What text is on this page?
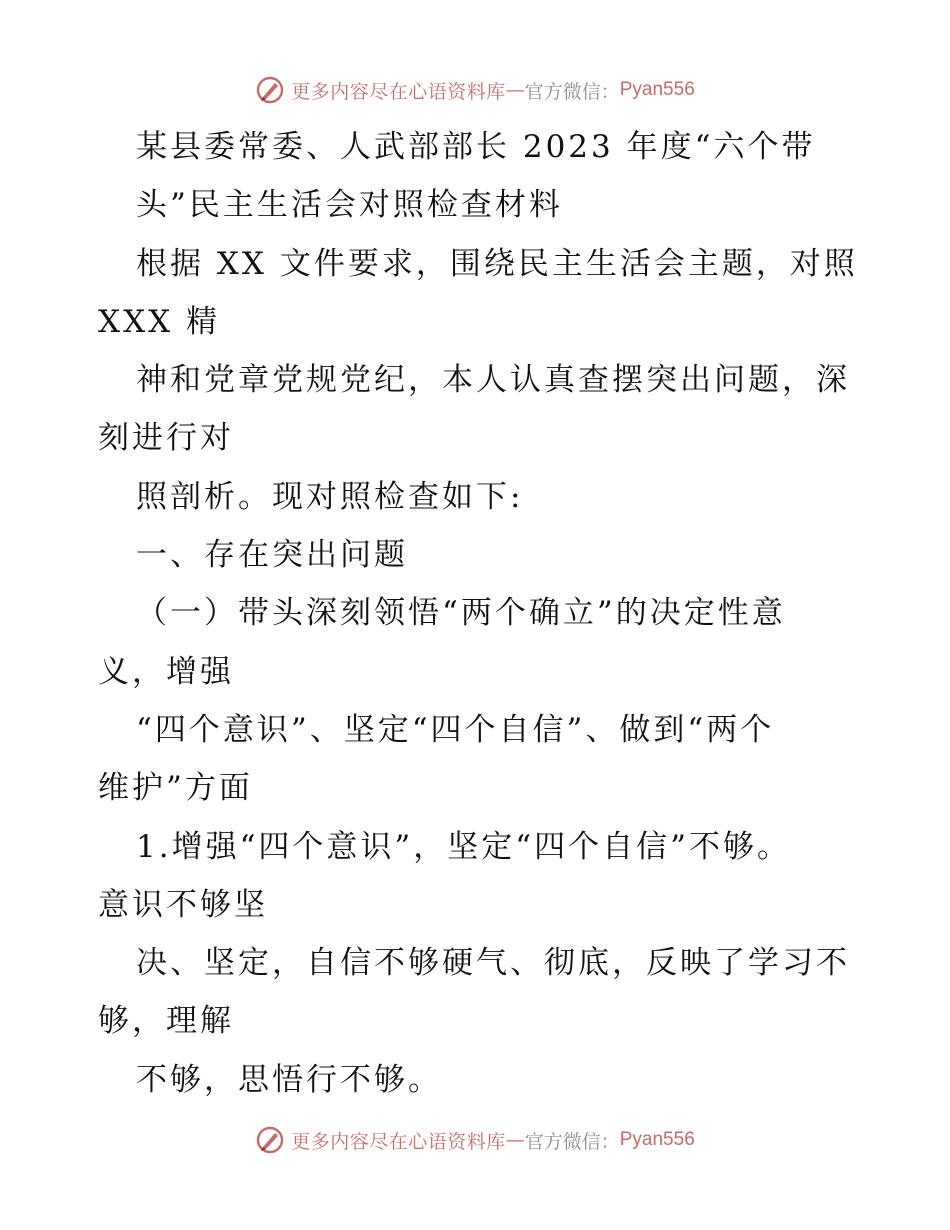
更多内容尽在心语资料库 — 官方微信： Pyan556
某县委常委、人武部部长 2023 年度“六个带
头”民主生活会对照检查材料
根据 XX 文件要求，围绕民主生活会主题，对照
XXX 精
神和党章党规党纪，本人认真查摆突出问题，深
刻进行对
照剖析。现对照检查如下:
一、存在突出问题
（一）带头深刻领悟“两个确立”的决定性意
义，增强
“四个意识”、坚定“四个自信”、做到“两个
维护”方面
1.增强“四个意识”，坚定“四个自信”不够。
意识不够坚
决、坚定，自信不够硬气、彻底，反映了学习不
够，理解
不够，思悟行不够。
更多内容尽在心语资料库 — 官方微信： Pyan556
